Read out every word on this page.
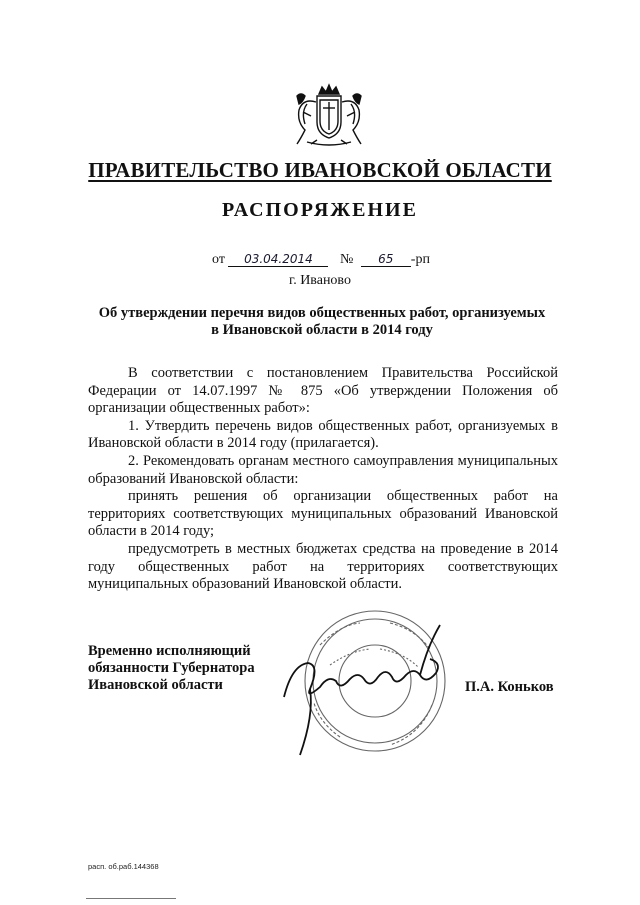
ПРАВИТЕЛЬСТВО ИВАНОВСКОЙ ОБЛАСТИ
РАСПОРЯЖЕНИЕ
от 03.04.2014 № 65 -рп
г. Иваново
Об утверждении перечня видов общественных работ, организуемых
в Ивановской области в 2014 году

В соответствии с постановлением Правительства Российской Федерации от 14.07.1997 № 875 «Об утверждении Положения об организации общественных работ»:

1. Утвердить перечень видов общественных работ, организуемых в Ивановской области в 2014 году (прилагается).

2. Рекомендовать органам местного самоуправления муниципальных образований Ивановской области:

принять решения об организации общественных работ на территориях соответствующих муниципальных образований Ивановской области в 2014 году;

предусмотреть в местных бюджетах средства на проведение в 2014 году общественных работ на территориях соответствующих муниципальных образований Ивановской области.

Временно исполняющий
обязанности Губернатора
Ивановской области	П.А. Коньков
расп. об.раб.144368
